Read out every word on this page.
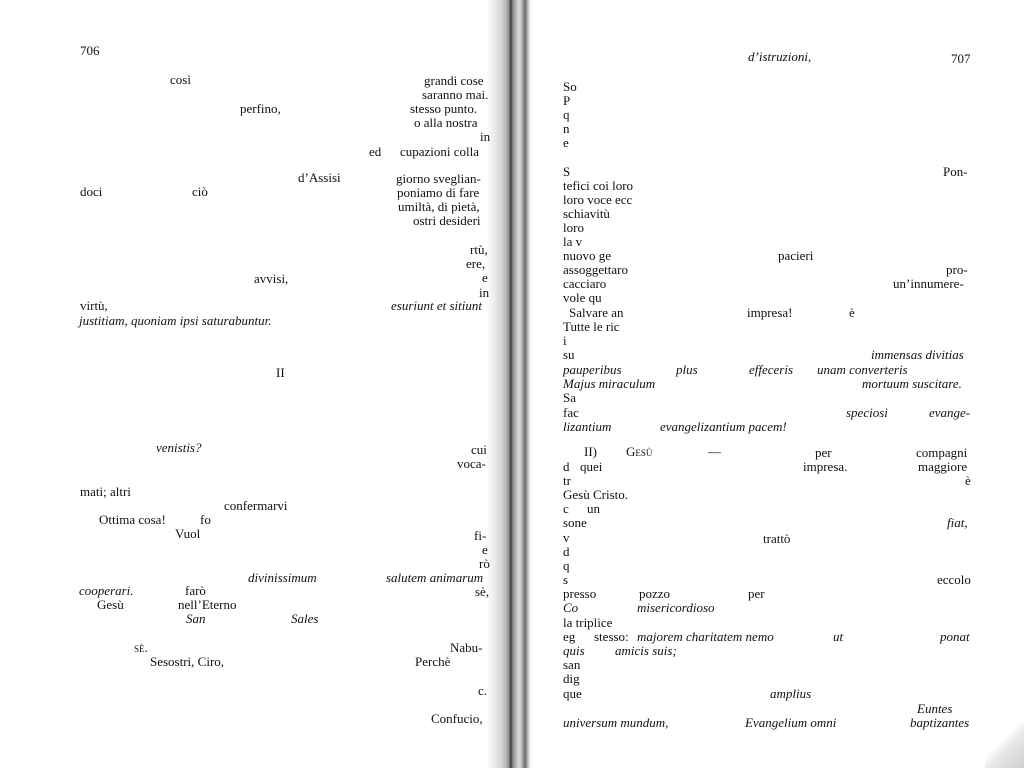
706
così	grandi cose
saranno mai.
perfino,	stesso punto.
o alla nostra
in
ed cupazioni colla
d’Assisi	giorno sveglian-
doci	ciò	poniamo di fare
umiltà, di pietà,
ostri desideri
rtù,
ere,
avvisi,	e
in
virtù,	esuriunt et sitiunt
justitiam, quoniam ipsi saturabuntur.
II
venistis?	cui
voca-
mati; altri
confermarvi
Ottima cosa!	fo
Vuol	fi-
e
rò
divinissimum	salutem animarum
cooperari.	farò	sè,
Gesù	nell’Eterno
San	Sales
sè.	Nabu-
Sesostri, Ciro,	Perchè
c.
Confucio,
d’istruzioni,	707
So
P
q
n
e
S	Pon-
tefici coi loro
loro voce ecc
schiavitù
loro
la v
nuovo ge	pacieri
assoggettaro	pro-
cacciaro	un’innumere-
vole qu
Salvare an	impresa!	è
Tutte le ric
i
su	immensas divitias
pauperibus	plus	effeceris unam converteris
Majus miraculum	mortuum suscitare.
Sa
fac	speciosi	evange-
lizantium	evangelizantium pacem!
II) Gesù	—	per	compagni
d quei	impresa.	maggiore
tr	è
Gesù Cristo.
c un
sone	fiat,
v	trattò
d
q
s	eccolo
presso	pozzo	per
Co	misericordioso
la triplice
eg stesso: majorem charitatem nemo	ut	ponat
quis amicis suis;
san
dig
que	amplius
Euntes
universum mundum,	Evangelium omni	baptizantes
